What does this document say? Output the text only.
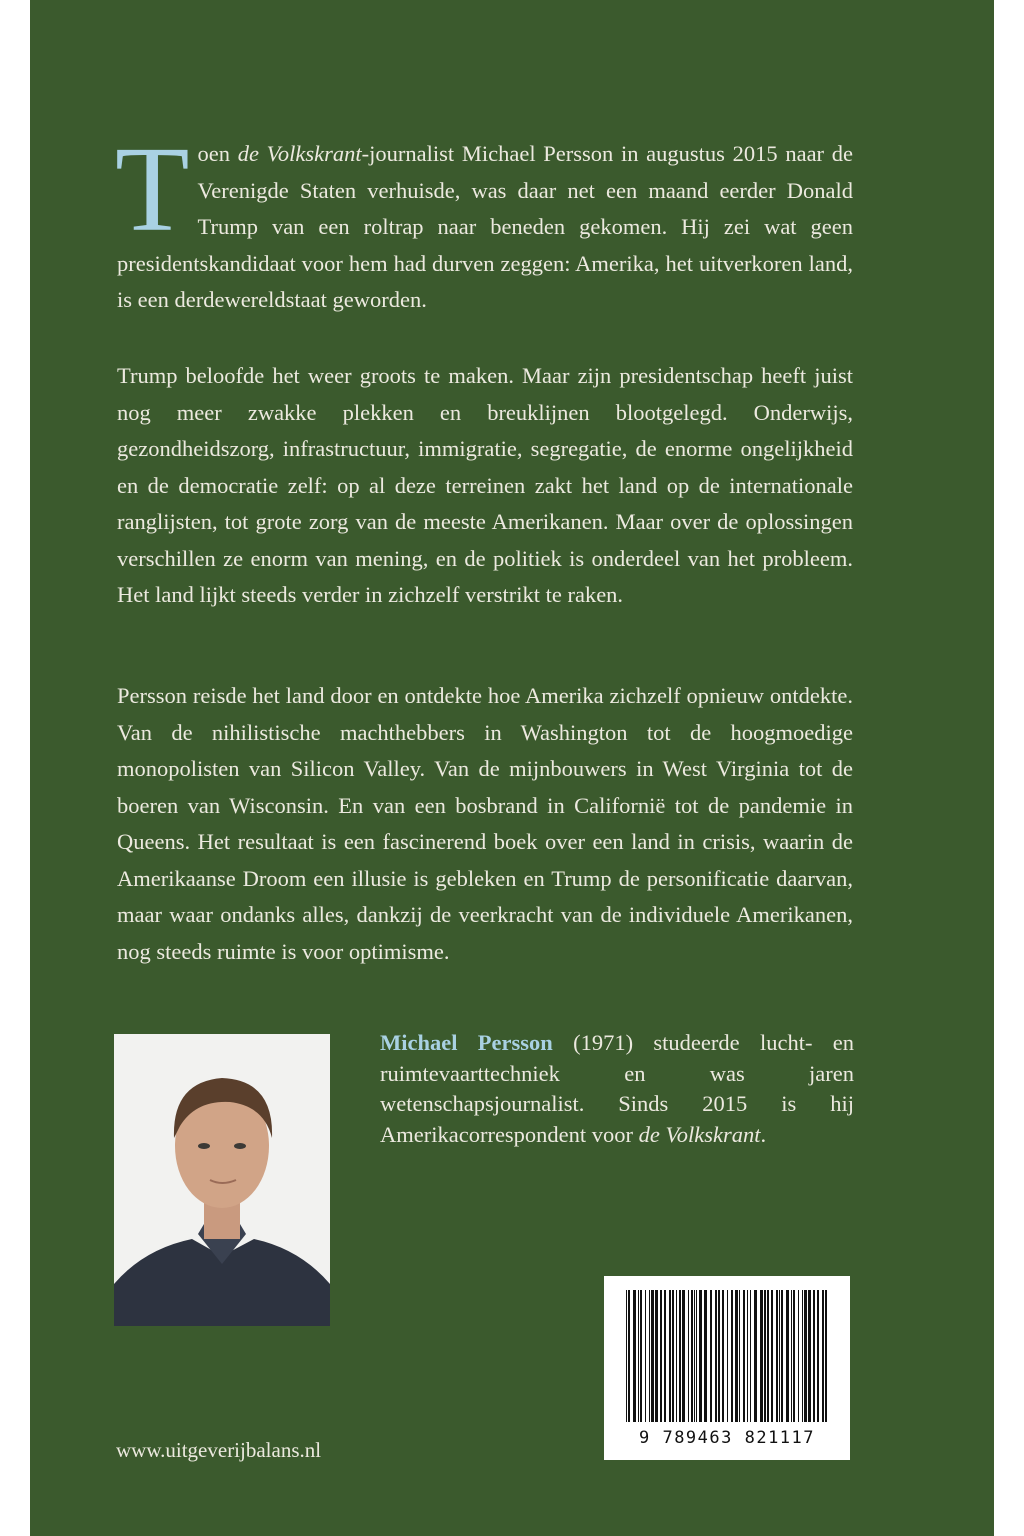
Toen de Volkskrant-journalist Michael Persson in augustus 2015 naar de Verenigde Staten verhuisde, was daar net een maand eerder Donald Trump van een roltrap naar beneden gekomen. Hij zei wat geen presidentskandidaat voor hem had durven zeggen: Amerika, het uitverkoren land, is een derdewereldstaat geworden.

Trump beloofde het weer groots te maken. Maar zijn presidentschap heeft juist nog meer zwakke plekken en breuklijnen blootgelegd. Onderwijs, gezondheidszorg, infrastructuur, immigratie, segregatie, de enorme ongelijkheid en de democratie zelf: op al deze terreinen zakt het land op de internationale ranglijsten, tot grote zorg van de meeste Amerikanen. Maar over de oplossingen verschillen ze enorm van mening, en de politiek is onderdeel van het probleem. Het land lijkt steeds verder in zichzelf verstrikt te raken.

Persson reisde het land door en ontdekte hoe Amerika zichzelf opnieuw ontdekte. Van de nihilistische machthebbers in Washington tot de hoogmoedige monopolisten van Silicon Valley. Van de mijnbouwers in West Virginia tot de boeren van Wisconsin. En van een bosbrand in Californië tot de pandemie in Queens. Het resultaat is een fascinerend boek over een land in crisis, waarin de Amerikaanse Droom een illusie is gebleken en Trump de personificatie daarvan, maar waar ondanks alles, dankzij de veerkracht van de individuele Amerikanen, nog steeds ruimte is voor optimisme.

Michael Persson (1971) studeerde lucht- en ruimtevaarttechniek en was jaren wetenschapsjournalist. Sinds 2015 is hij Amerikacorrespondent voor de Volkskrant.

9 789463 821117
www.uitgeverijbalans.nl
